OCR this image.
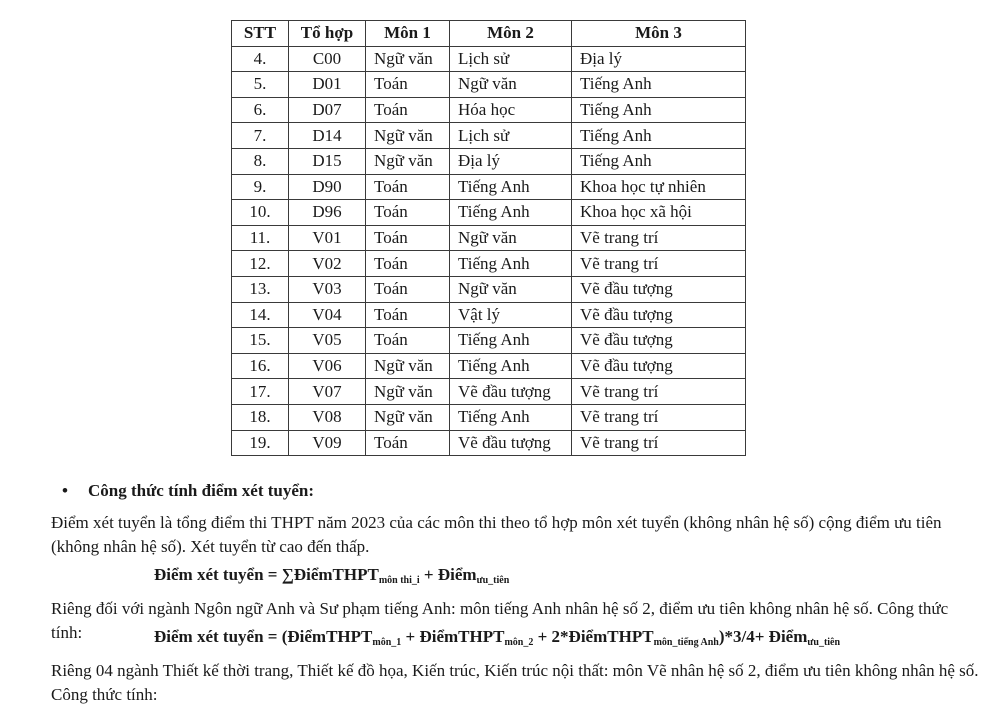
STT	Tổ hợp	Môn 1	Môn 2	Môn 3
4.	C00	Ngữ văn	Lịch sử	Địa lý
5.	D01	Toán	Ngữ văn	Tiếng Anh
6.	D07	Toán	Hóa học	Tiếng Anh
7.	D14	Ngữ văn	Lịch sử	Tiếng Anh
8.	D15	Ngữ văn	Địa lý	Tiếng Anh
9.	D90	Toán	Tiếng Anh	Khoa học tự nhiên
10.	D96	Toán	Tiếng Anh	Khoa học xã hội
11.	V01	Toán	Ngữ văn	Vẽ trang trí
12.	V02	Toán	Tiếng Anh	Vẽ trang trí
13.	V03	Toán	Ngữ văn	Vẽ đầu tượng
14.	V04	Toán	Vật lý	Vẽ đầu tượng
15.	V05	Toán	Tiếng Anh	Vẽ đầu tượng
16.	V06	Ngữ văn	Tiếng Anh	Vẽ đầu tượng
17.	V07	Ngữ văn	Vẽ đầu tượng	Vẽ trang trí
18.	V08	Ngữ văn	Tiếng Anh	Vẽ trang trí
19.	V09	Toán	Vẽ đầu tượng	Vẽ trang trí
• Công thức tính điểm xét tuyển:
Điểm xét tuyển là tổng điểm thi THPT năm 2023 của các môn thi theo tổ hợp môn xét tuyển (không nhân hệ số) cộng điểm ưu tiên (không nhân hệ số). Xét tuyển từ cao đến thấp.
Điểm xét tuyển = ∑ĐiểmTHPT$_{môn thi\_i}$ + Điểm$_{ưu\_tiên}$
Riêng đối với ngành Ngôn ngữ Anh và Sư phạm tiếng Anh: môn tiếng Anh nhân hệ số 2, điểm ưu tiên không nhân hệ số. Công thức tính:	Điểm xét tuyển = (ĐiểmTHPT$_{môn\_1}$ + ĐiểmTHPT$_{môn\_2}$ + 2*ĐiểmTHPT$_{môn\_tiếng Anh}$)*3/4+ Điểm$_{ưu\_tiên}$
Riêng 04 ngành Thiết kế thời trang, Thiết kế đồ họa, Kiến trúc, Kiến trúc nội thất: môn Vẽ nhân hệ số 2, điểm ưu tiên không nhân hệ số. Công thức tính:
